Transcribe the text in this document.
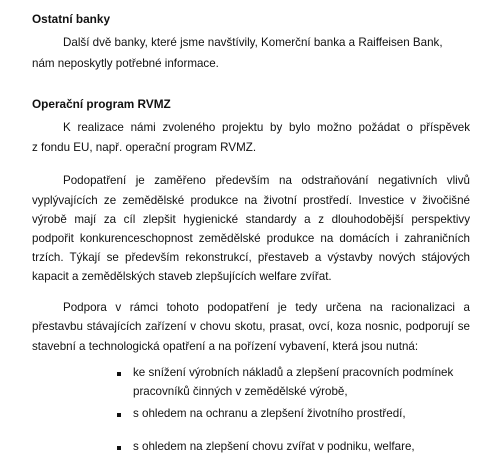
Ostatní banky
Další dvě banky, které jsme navštívily, Komerční banka a Raiffeisen Bank,
nám neposkytly potřebné informace.
Operační program RVMZ
K realizace námi zvoleného projektu by bylo možno požádat o příspěvek
z fondu EU, např. operační program RVMZ.
Podopatření je zaměřeno především na odstraňování negativních vlivů
vyplývajících ze zemědělské produkce na životní prostředí. Investice v živočišné
výrobě mají za cíl zlepšit hygienické standardy a z dlouhodobější perspektivy
podpořit konkurenceschopnost zemědělské produkce na domácích i zahraničních
trzích. Týkají se především rekonstrukcí, přestaveb a výstavby nových stájových
kapacit a zemědělských staveb zlepšujících welfare zvířat.
Podpora v rámci tohoto podopatření je tedy určena na racionalizaci a
přestavbu stávajících zařízení v chovu skotu, prasat, ovcí, koza nosnic, podporují se
stavební a technologická opatření a na pořízení vybavení, která jsou nutná:
ke snížení výrobních nákladů a zlepšení pracovních podmínek
pracovníků činných v zemědělské výrobě,
s ohledem na ochranu a zlepšení životního prostředí,
s ohledem na zlepšení chovu zvířat v podniku, welfare,
